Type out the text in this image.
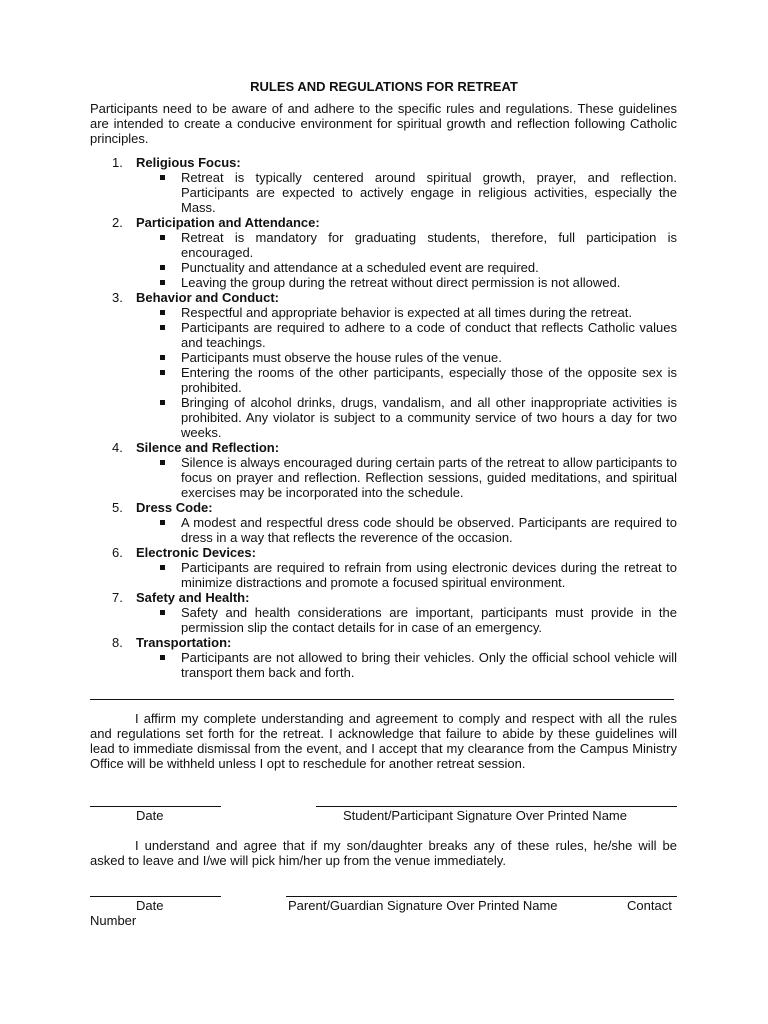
RULES AND REGULATIONS FOR RETREAT
Participants need to be aware of and adhere to the specific rules and regulations. These guidelines are intended to create a conducive environment for spiritual growth and reflection following Catholic principles.
1. Religious Focus:
Retreat is typically centered around spiritual growth, prayer, and reflection. Participants are expected to actively engage in religious activities, especially the Mass.
2. Participation and Attendance:
Retreat is mandatory for graduating students, therefore, full participation is encouraged.
Punctuality and attendance at a scheduled event are required.
Leaving the group during the retreat without direct permission is not allowed.
3. Behavior and Conduct:
Respectful and appropriate behavior is expected at all times during the retreat.
Participants are required to adhere to a code of conduct that reflects Catholic values and teachings.
Participants must observe the house rules of the venue.
Entering the rooms of the other participants, especially those of the opposite sex is prohibited.
Bringing of alcohol drinks, drugs, vandalism, and all other inappropriate activities is prohibited. Any violator is subject to a community service of two hours a day for two weeks.
4. Silence and Reflection:
Silence is always encouraged during certain parts of the retreat to allow participants to focus on prayer and reflection. Reflection sessions, guided meditations, and spiritual exercises may be incorporated into the schedule.
5. Dress Code:
A modest and respectful dress code should be observed. Participants are required to dress in a way that reflects the reverence of the occasion.
6. Electronic Devices:
Participants are required to refrain from using electronic devices during the retreat to minimize distractions and promote a focused spiritual environment.
7. Safety and Health:
Safety and health considerations are important, participants must provide in the permission slip the contact details for in case of an emergency.
8. Transportation:
Participants are not allowed to bring their vehicles. Only the official school vehicle will transport them back and forth.
I affirm my complete understanding and agreement to comply and respect with all the rules and regulations set forth for the retreat. I acknowledge that failure to abide by these guidelines will lead to immediate dismissal from the event, and I accept that my clearance from the Campus Ministry Office will be withheld unless I opt to reschedule for another retreat session.
Date	Student/Participant Signature Over Printed Name
I understand and agree that if my son/daughter breaks any of these rules, he/she will be asked to leave and I/we will pick him/her up from the venue immediately.
Date	Parent/Guardian Signature Over Printed Name	Contact
Number
